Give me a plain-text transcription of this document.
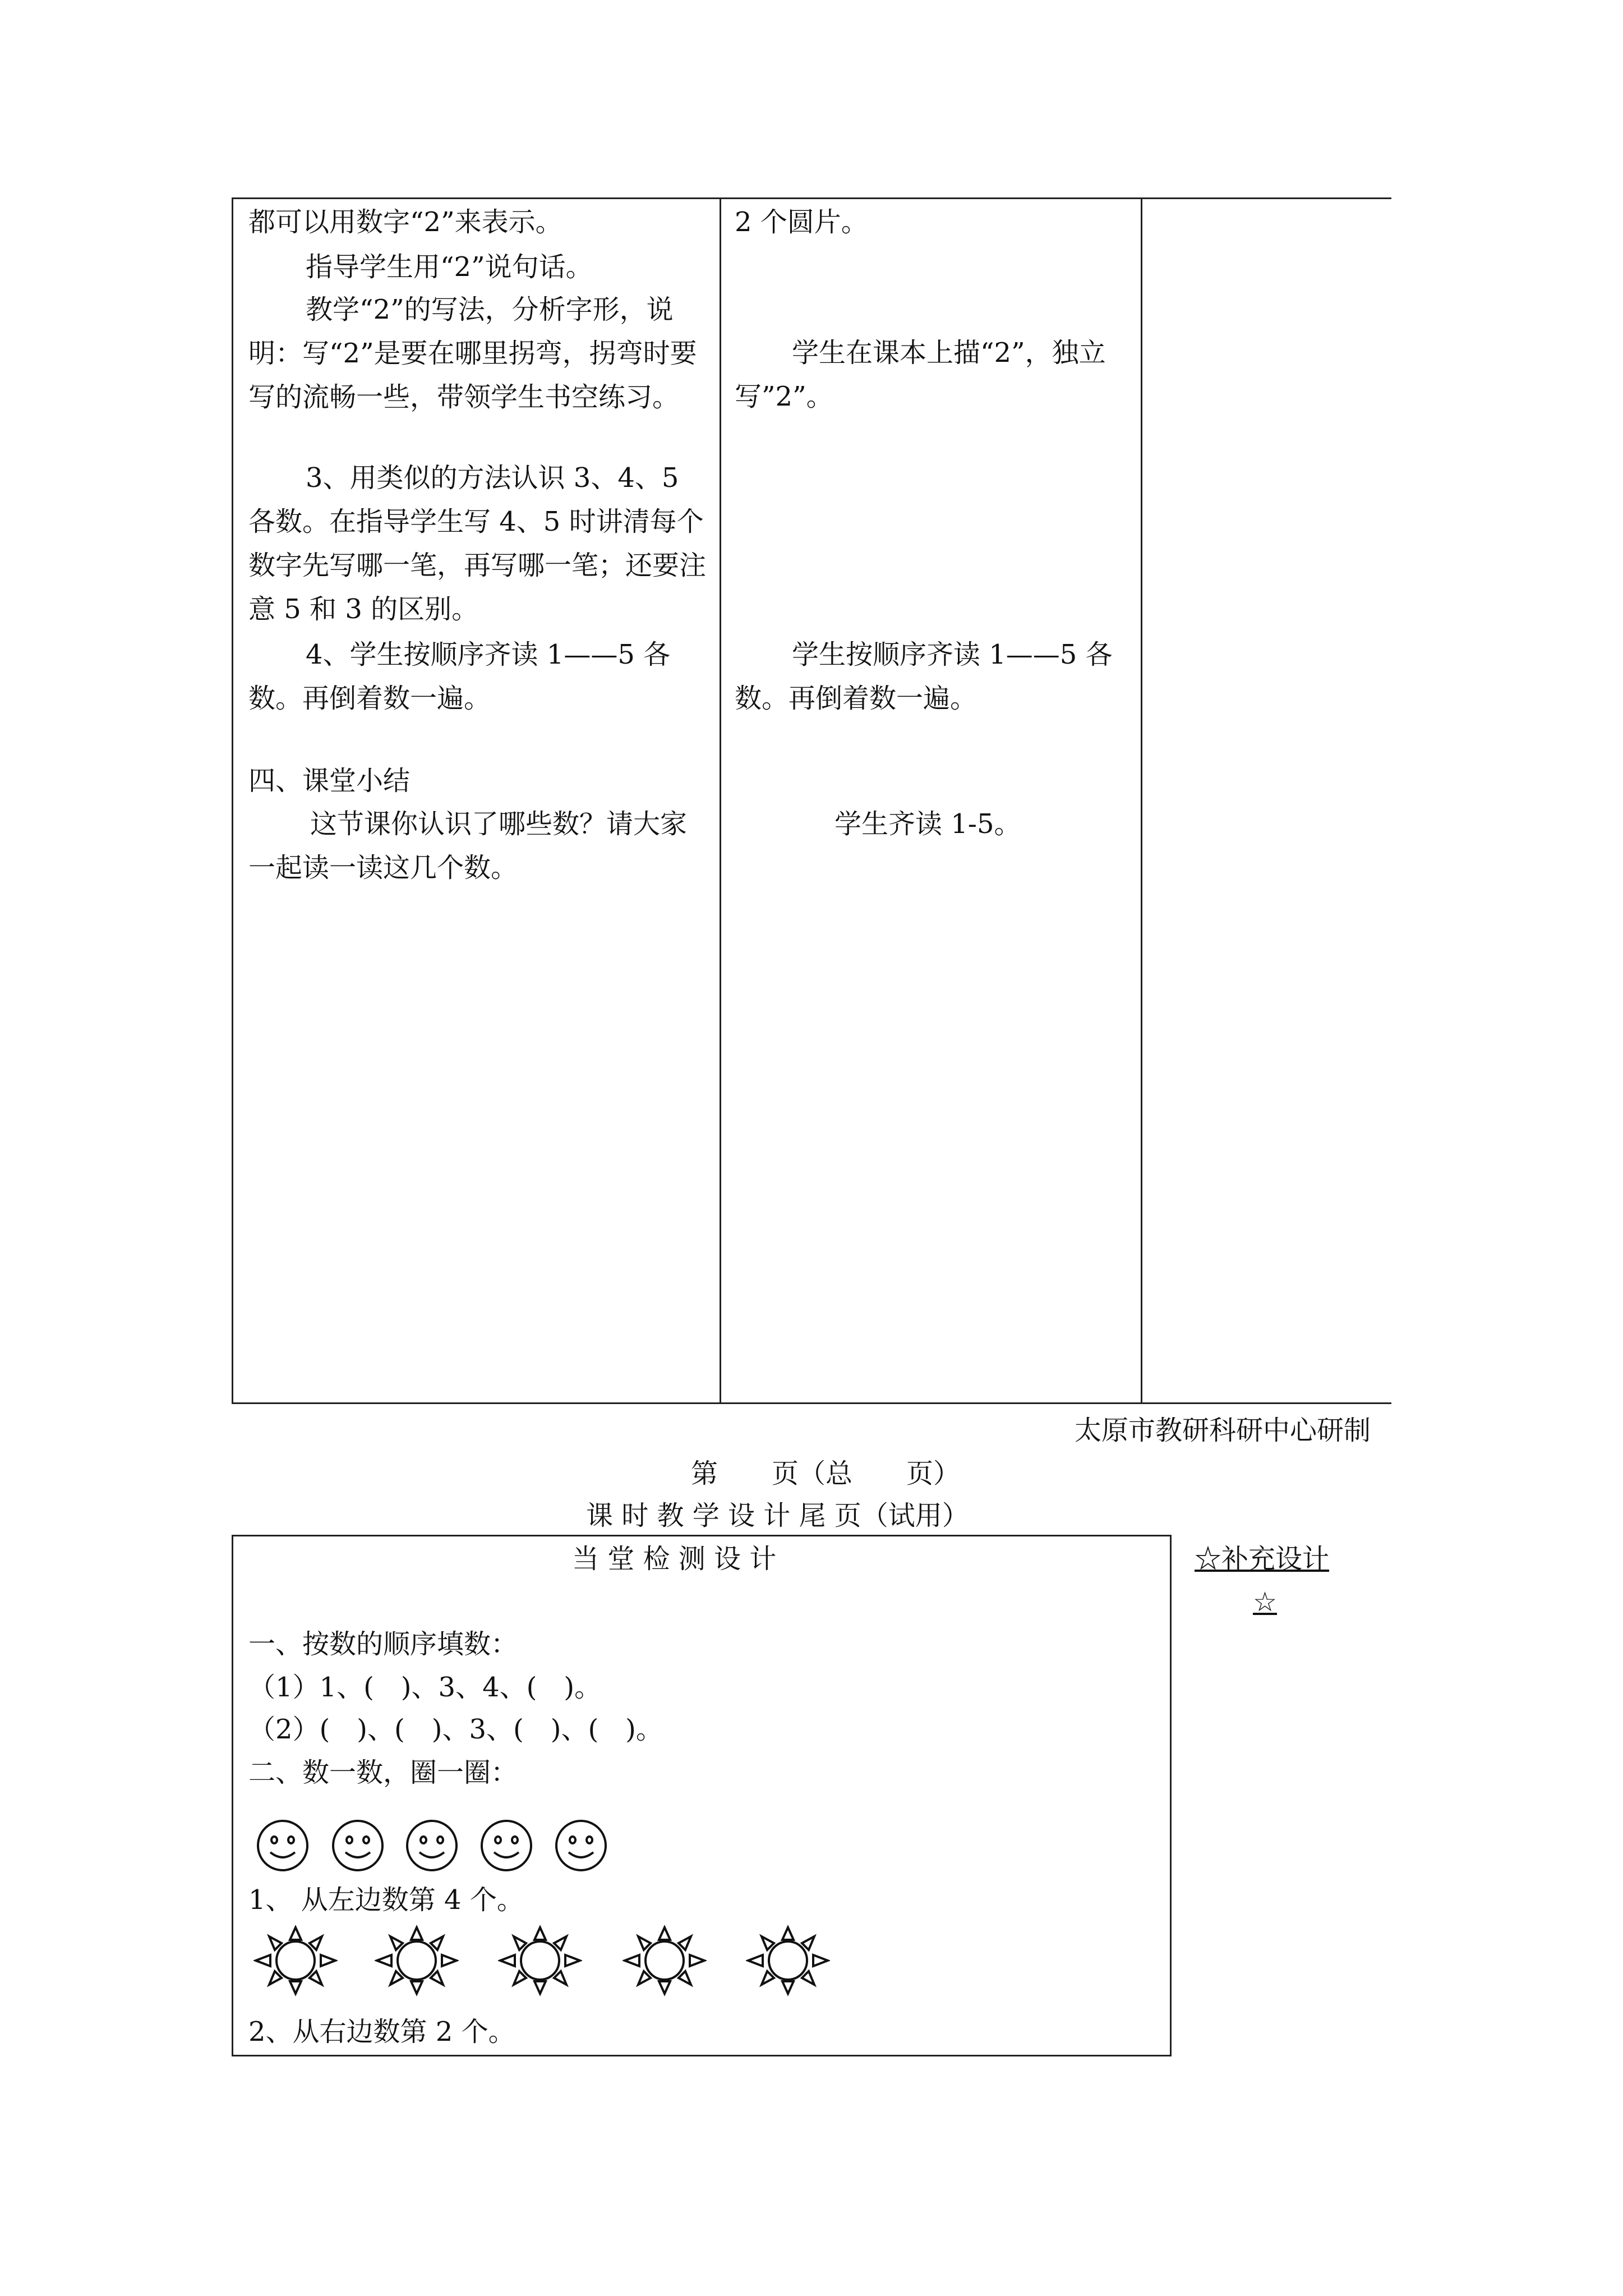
都可以用数字“2”来表示。

指导学生用“2”说句话。

教学“2”的写法，分析字形，说明：写“2”是要在哪里拐弯，拐弯时要写的流畅一些，带领学生书空练习。

3、用类似的方法认识 3、4、5 各数。在指导学生写 4、5 时讲清每个数字先写哪一笔，再写哪一笔；还要注意 5 和 3 的区别。

4、学生按顺序齐读 1——5 各数。再倒着数一遍。

四、课堂小结

这节课你认识了哪些数？请大家一起读一读这几个数。

2 个圆片。

学生在课本上描“2”，独立写”2”。

学生按顺序齐读 1——5 各数。再倒着数一遍。

学生齐读 1-5。

太原市教研科研中心研制
第　　页（总　　页）
课 时 教 学 设 计 尾 页（试用）
当 堂 检 测 设 计
一、按数的顺序填数：
（1）1、(　)、3、4、(　)。
（2）(　)、(　)、3、(　)、(　)。
二、数一数，圈一圈：
1、 从左边数第 4 个。
2、从右边数第 2 个。
☆补充设计
☆
